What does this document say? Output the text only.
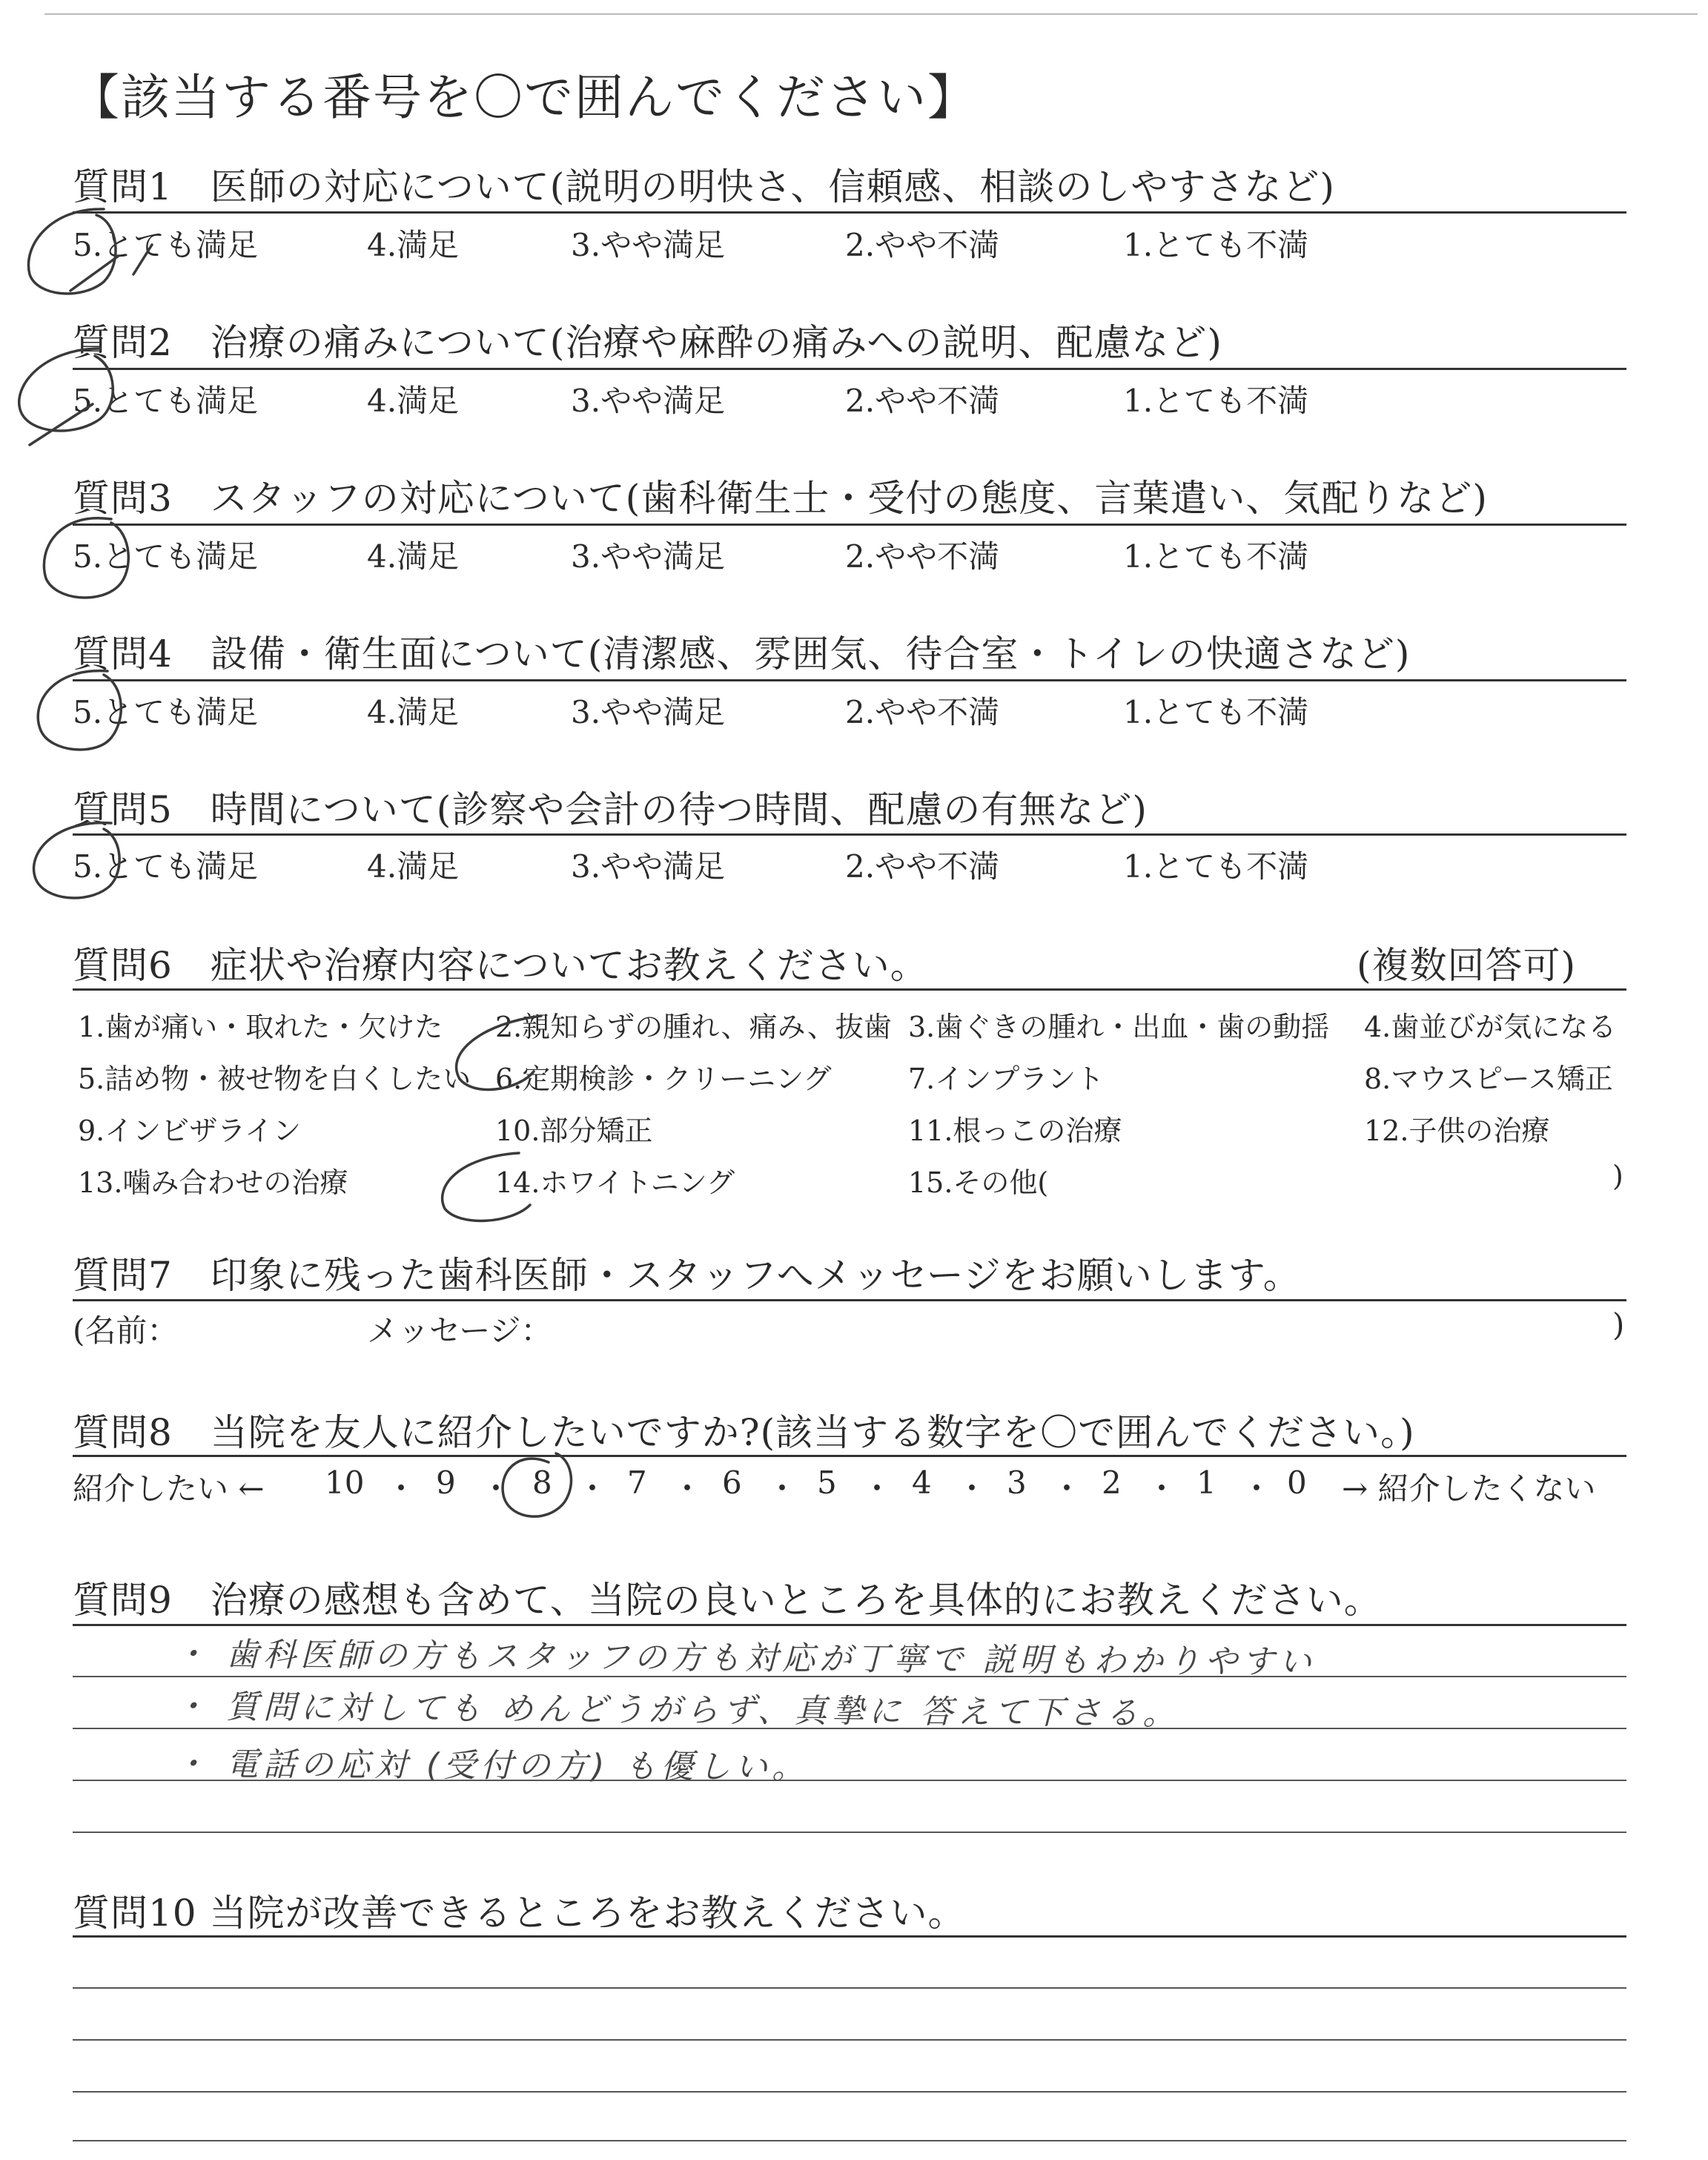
【該当する番号を〇で囲んでください】
質問1　医師の対応について(説明の明快さ、信頼感、相談のしやすさなど)
5.とても満足	4.満足	3.やや満足	2.やや不満	1.とても不満
質問2　治療の痛みについて(治療や麻酔の痛みへの説明、配慮など)
5.とても満足	4.満足	3.やや満足	2.やや不満	1.とても不満
質問3　スタッフの対応について(歯科衛生士・受付の態度、言葉遣い、気配りなど)
5.とても満足	4.満足	3.やや満足	2.やや不満	1.とても不満
質問4　設備・衛生面について(清潔感、雰囲気、待合室・トイレの快適さなど)
5.とても満足	4.満足	3.やや満足	2.やや不満	1.とても不満
質問5　時間について(診察や会計の待つ時間、配慮の有無など)
5.とても満足	4.満足	3.やや満足	2.やや不満	1.とても不満
質問6　症状や治療内容についてお教えください。	(複数回答可)
1.歯が痛い・取れた・欠けた 2.親知らずの腫れ、痛み、抜歯 3.歯ぐきの腫れ・出血・歯の動揺 4.歯並びが気になる
5.詰め物・被せ物を白くしたい 6.定期検診・クリーニング	7.インプラント	8.マウスピース矯正
9.インビザライン	10.部分矯正	11.根っこの治療	12.子供の治療
13.噛み合わせの治療	14.ホワイトニング	15.その他(	)
質問7　印象に残った歯科医師・スタッフへメッセージをお願いします。
(名前：	メッセージ：	)
質問8　当院を友人に紹介したいですか?(該当する数字を〇で囲んでください。)
紹介したい ← 10 ・ 9 ・ 8 ・ 7 ・ 6 ・ 5 ・ 4 ・ 3 ・ 2 ・ 1 ・ 0 → 紹介したくない
質問9　治療の感想も含めて、当院の良いところを具体的にお教えください。
・ 歯科医師の方もスタッフの方も対応が丁寧で 説明もわかりやすい
・ 質問に対しても めんどうがらず、真摯に 答えて下さる。
・ 電話の応対 (受付の方) も優しい。
質問10 当院が改善できるところをお教えください。
